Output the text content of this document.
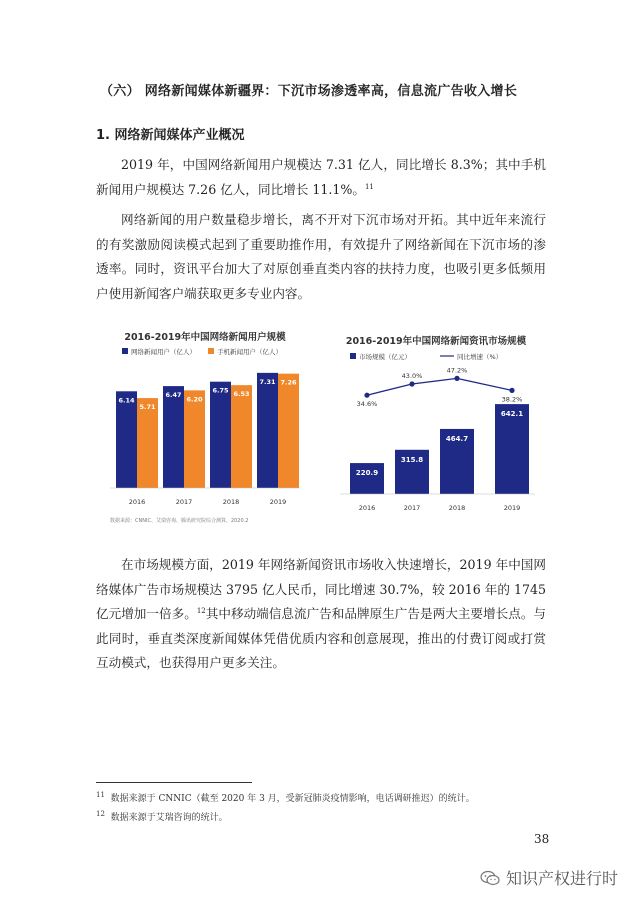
（六） 网络新闻媒体新疆界：下沉市场渗透率高，信息流广告收入增长
1. 网络新闻媒体产业概况
2019 年，中国网络新闻用户规模达 7.31 亿人，同比增长 8.3%；其中手机新闻用户规模达 7.26 亿人，同比增长 11.1%。$^{11}$
网络新闻的用户数量稳步增长，离不开对下沉市场对开拓。其中近年来流行的有奖激励阅读模式起到了重要助推作用，有效提升了网络新闻在下沉市场的渗透率。同时，资讯平台加大了对原创垂直类内容的扶持力度，也吸引更多低频用户使用新闻客户端获取更多专业内容。
2016-2019年中国网络新闻用户规模
网络新闻用户（亿人）	手机新闻用户（亿人）
6.14
5.71
6.47
6.20
6.75 6.53
7.31 7.26
2016	2017	2018	2019
数据来源：CNNIC、艾瑞咨询、腾讯研究院综合测算，2020.2
2016-2019年中国网络新闻资讯市场规模
市场规模（亿元）	同比增速（%）
220.9
315.8
464.7
642.1
34.6%
43.0%
47.2%
38.2%
2016	2017	2018	2019
在市场规模方面，2019 年网络新闻资讯市场收入快速增长，2019 年中国网络媒体广告市场规模达 3795 亿人民币，同比增速 30.7%，较 2016 年的 1745 亿元增加一倍多。$^{12}$其中移动端信息流广告和品牌原生广告是两大主要增长点。与此同时，垂直类深度新闻媒体凭借优质内容和创意展现，推出的付费订阅或打赏互动模式，也获得用户更多关注。
$^{11}$ 数据来源于 CNNIC（截至 2020 年 3 月，受新冠肺炎疫情影响，电话调研推迟）的统计。
$^{12}$ 数据来源于艾瑞咨询的统计。
38
知识产权进行时
